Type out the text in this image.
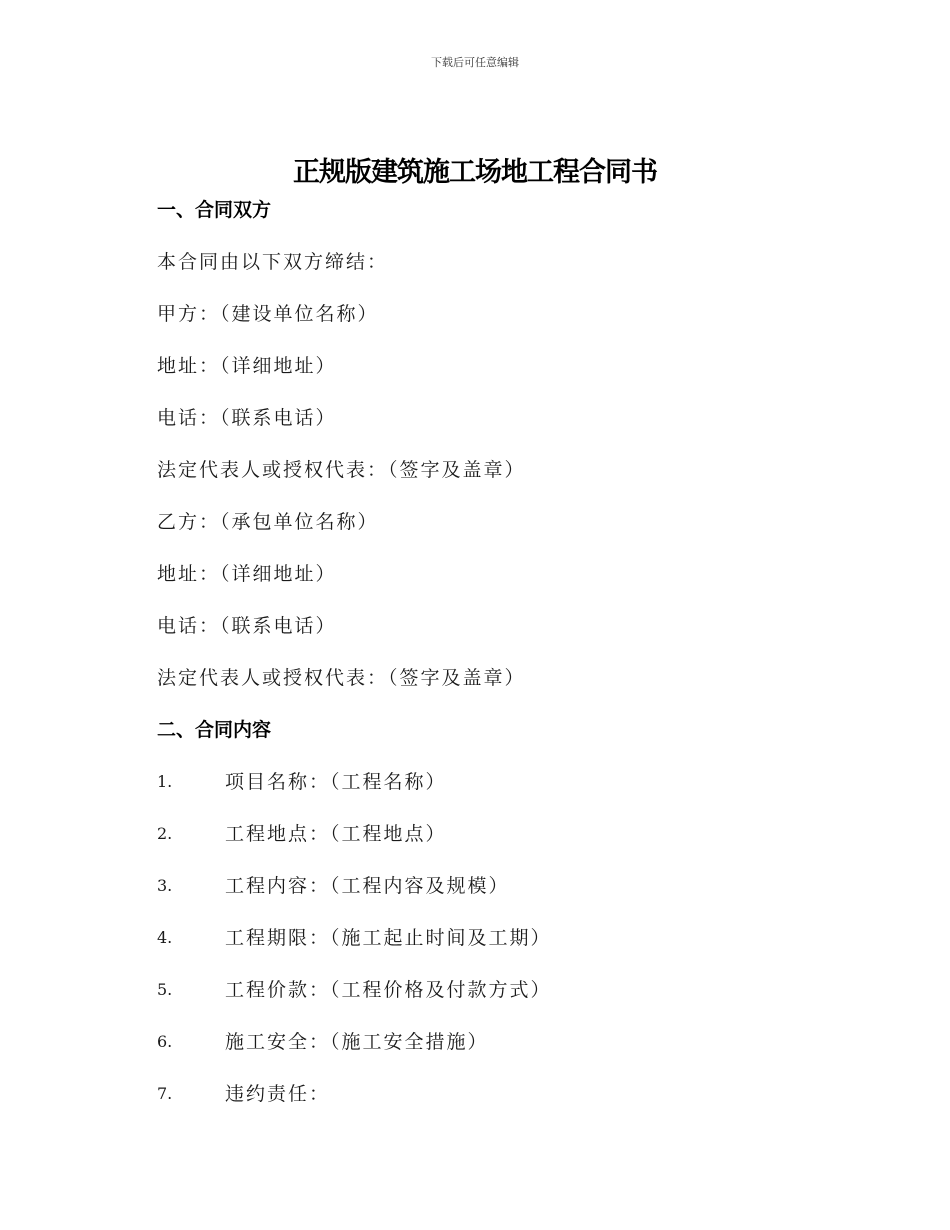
下载后可任意编辑
正规版建筑施工场地工程合同书
一、合同双方
本合同由以下双方缔结：
甲方：（建设单位名称）
地址：（详细地址）
电话：（联系电话）
法定代表人或授权代表：（签字及盖章）
乙方：（承包单位名称）
地址：（详细地址）
电话：（联系电话）
法定代表人或授权代表：（签字及盖章）
二、合同内容
1.	项目名称：（工程名称）
2.	工程地点：（工程地点）
3.	工程内容：（工程内容及规模）
4.	工程期限：（施工起止时间及工期）
5.	工程价款：（工程价格及付款方式）
6.	施工安全：（施工安全措施）
7.	违约责任：
